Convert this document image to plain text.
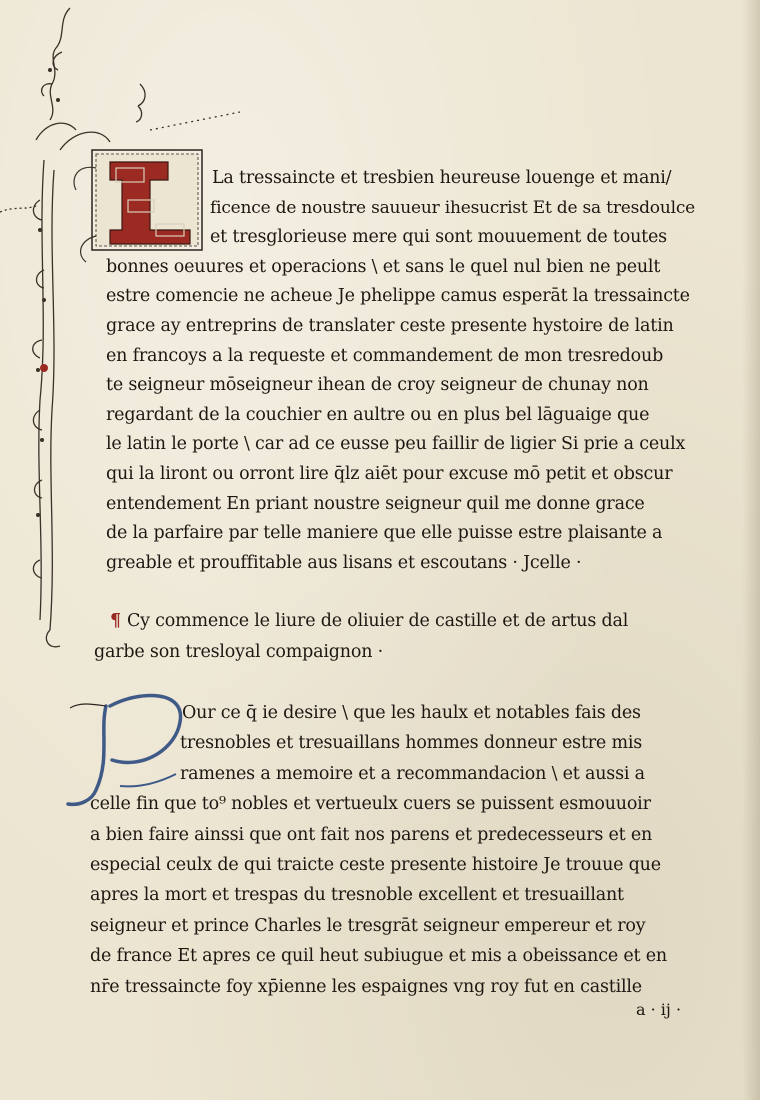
La tressaincte et tresbien heureuse louenge et mani/
ficence de noustre sauueur ihesucrist Et de sa tresdoulce
et tresglorieuse mere qui sont mouuement de toutes
bonnes oeuures et operacions \ et sans le quel nul bien ne peult
estre comencie ne acheue Je phelippe camus esperāt la tressaincte
grace ay entreprins de translater ceste presente hystoire de latin
en francoys a la requeste et commandement de mon tresredoub
te seigneur mōseigneur ihean de croy seigneur de chunay non
regardant de la couchier en aultre ou en plus bel lāguaige que
le latin le porte \ car ad ce eusse peu faillir de ligier Si prie a ceulx
qui la liront ou orront lire q̄lz aiēt pour excuse mō petit et obscur
entendement En priant noustre seigneur quil me donne grace
de la parfaire par telle maniere que elle puisse estre plaisante a
greable et prouffitable aus lisans et escoutans · Jcelle ·
¶ Cy commence le liure de oliuier de castille et de artus dal
garbe son tresloyal compaignon ·
Our ce q̄ ie desire \ que les haulx et notables fais des
tresnobles et tresuaillans hommes donneur estre mis
ramenes a memoire et a recommandacion \ et aussi a
celle fin que to⁹ nobles et vertueulx cuers se puissent esmouuoir
a bien faire ainssi que ont fait nos parens et predecesseurs et en
especial ceulx de qui traicte ceste presente histoire Je trouue que
apres la mort et trespas du tresnoble excellent et tresuaillant
seigneur et prince Charles le tresgrāt seigneur empereur et roy
de france Et apres ce quil heut subiugue et mis a obeissance et en
nr̄e tressaincte foy xp̄ienne les espaignes vng roy fut en castille
a · ij ·
